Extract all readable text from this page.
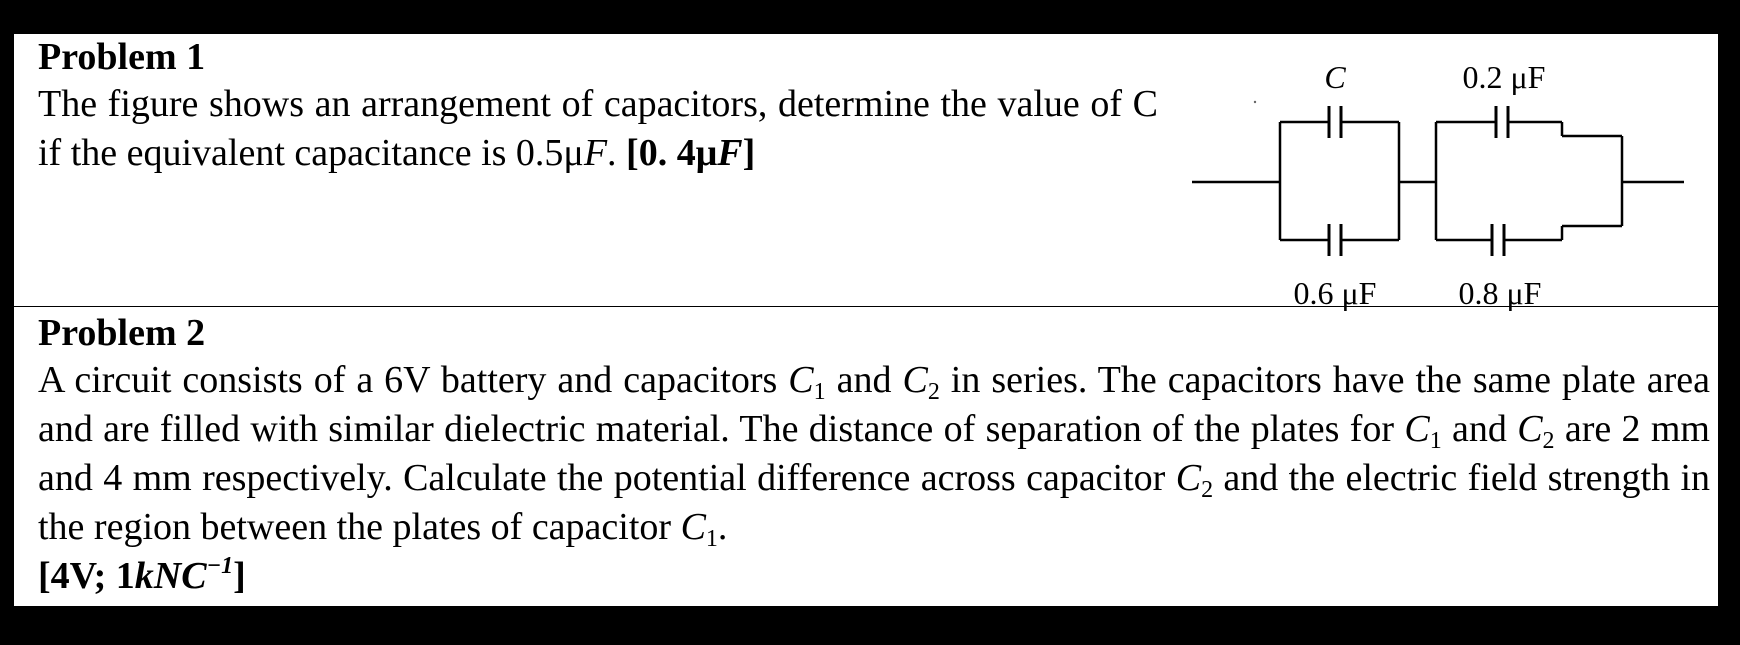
Problem 1
The figure shows an arrangement of capacitors, determine the value of C if the equivalent capacitance is 0.5μF. [0. 4μF]
C	0.2 μF
0.6 μF	0.8 μF
Problem 2
A circuit consists of a 6V battery and capacitors $C_1$ and $C_2$ in series. The capacitors have the same plate area and are filled with similar dielectric material. The distance of separation of the plates for $C_1$ and $C_2$ are 2 mm and 4 mm respectively. Calculate the potential difference across capacitor $C_2$ and the electric field strength in the region between the plates of capacitor $C_1$.
[4V; 1kNC$^{-1}$]
